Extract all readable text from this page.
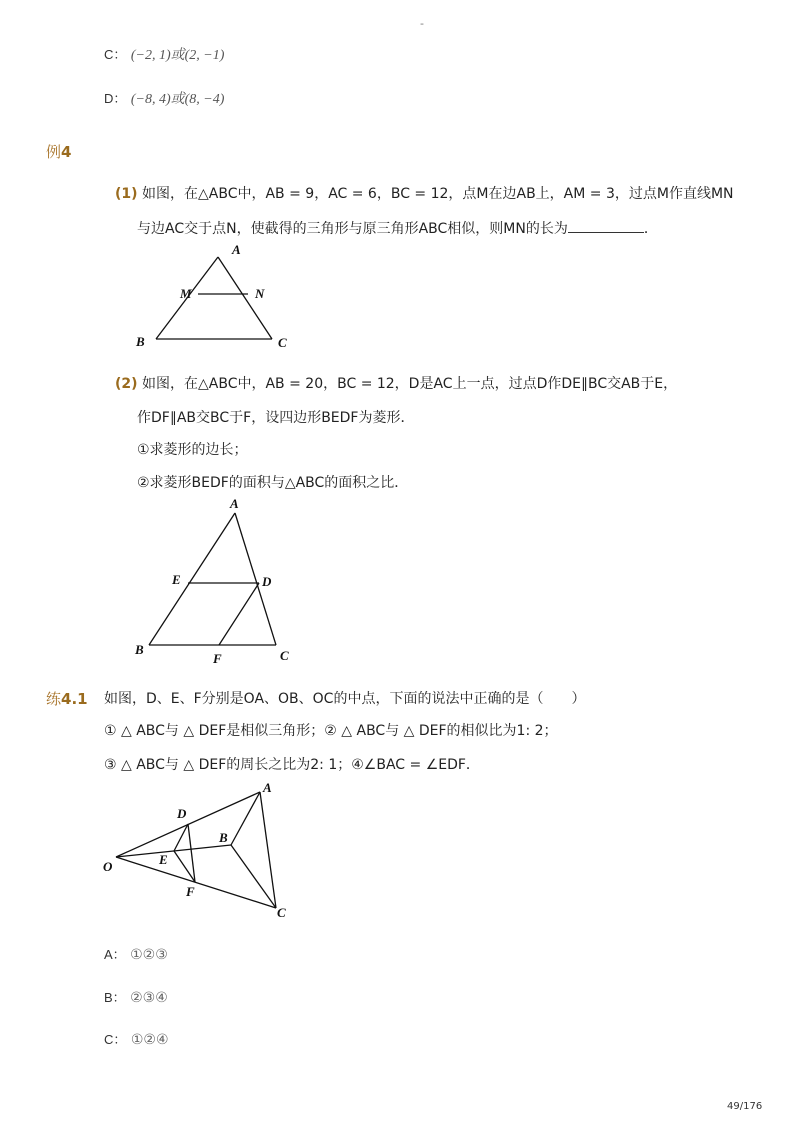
-
C： (−2, 1)或(2, −1)
D： (−8, 4)或(8, −4)
例4
(1) 如图，在△ABC中，AB = 9，AC = 6，BC = 12，点M在边AB上，AM = 3，过点M作直线MN
与边AC交于点N，使截得的三角形与原三角形ABC相似，则MN的长为	．
A
M	N
B	C
(2) 如图，在△ABC中，AB = 20，BC = 12，D是AC上一点，过点D作DE∥BC交AB于E，
作DF∥AB交BC于F，设四边形BEDF为菱形．
①求菱形的边长；
②求菱形BEDF的面积与△ABC的面积之比．
A
E	D
B
F	C
练4.1 如图，D、E、F分别是OA、OB、OC的中点，下面的说法中正确的是（　　）
① △ ABC与 △ DEF是相似三角形；② △ ABC与 △ DEF的相似比为1: 2；
③ △ ABC与 △ DEF的周长之比为2: 1；④∠BAC = ∠EDF．
O
A
B
C
D
E
F
A： ①②③
B： ②③④
C： ①②④
49/176
